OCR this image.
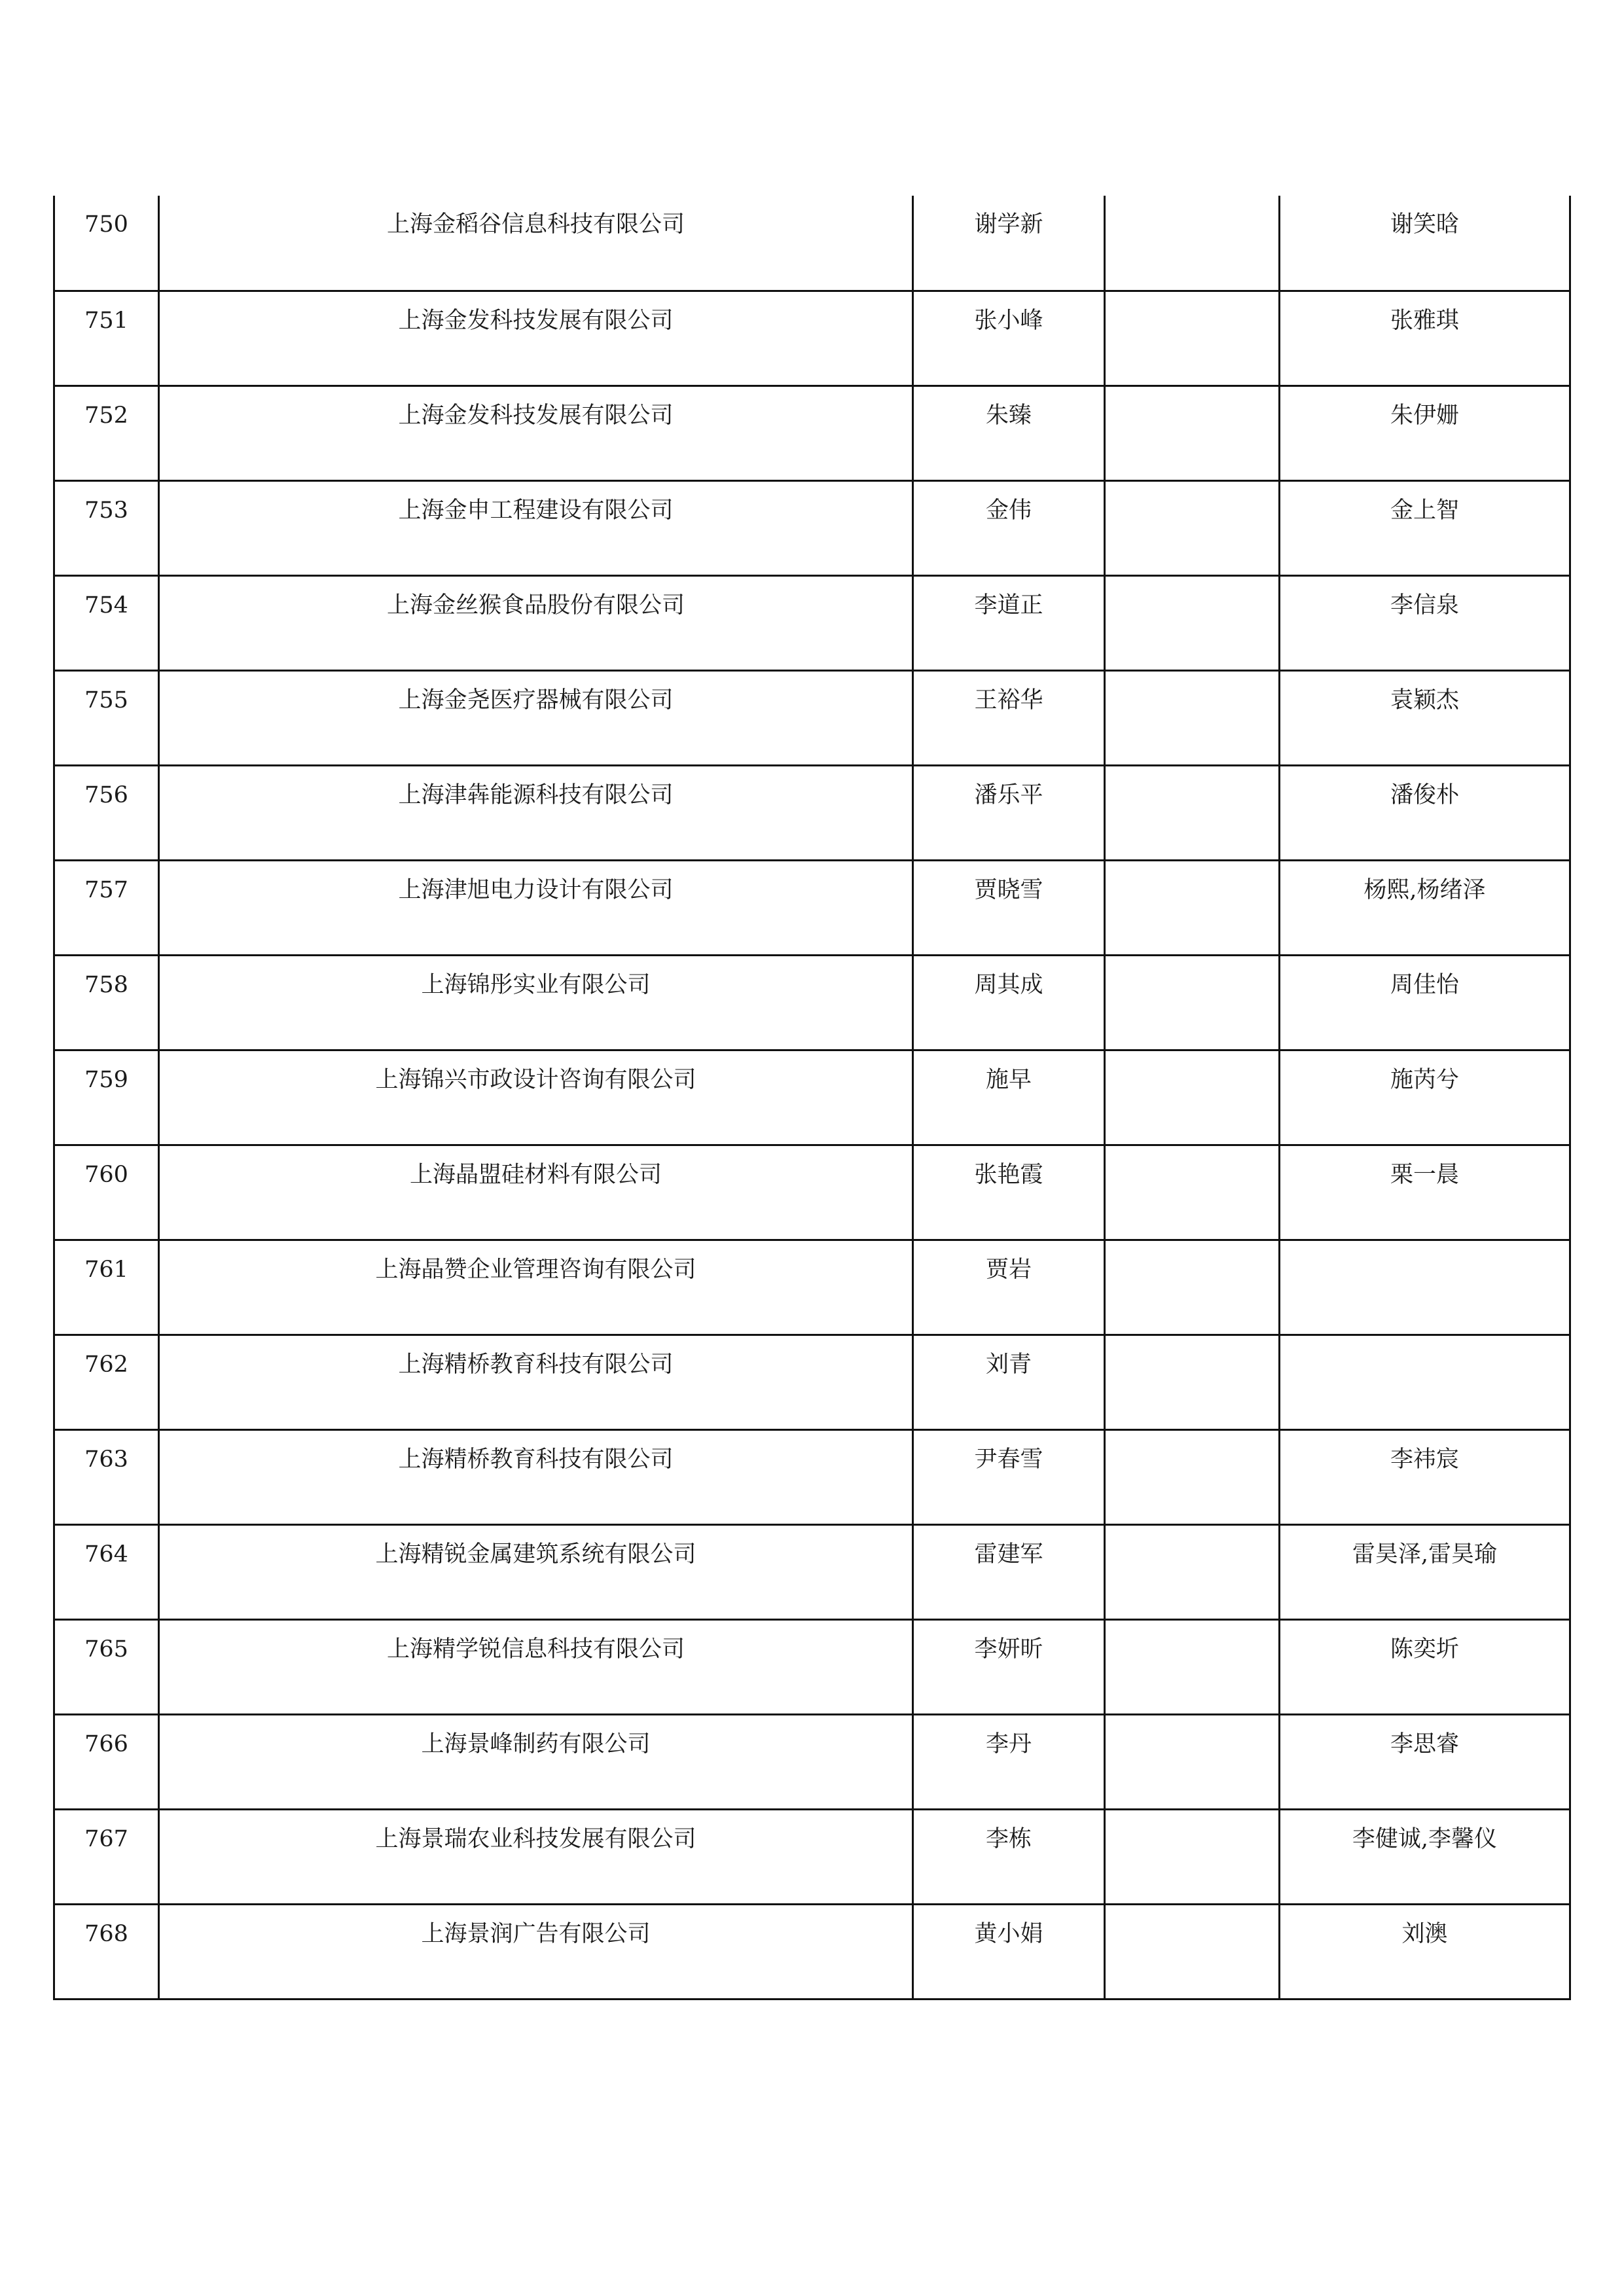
750	上海金稻谷信息科技有限公司	谢学新		谢笑晗
751	上海金发科技发展有限公司	张小峰		张雅琪
752	上海金发科技发展有限公司	朱臻		朱伊姗
753	上海金申工程建设有限公司	金伟		金上智
754	上海金丝猴食品股份有限公司	李道正		李信泉
755	上海金尧医疗器械有限公司	王裕华		袁颖杰
756	上海津犇能源科技有限公司	潘乐平		潘俊朴
757	上海津旭电力设计有限公司	贾晓雪		杨熙,杨绪泽
758	上海锦彤实业有限公司	周其成		周佳怡
759	上海锦兴市政设计咨询有限公司	施早		施芮兮
760	上海晶盟硅材料有限公司	张艳霞		栗一晨
761	上海晶赞企业管理咨询有限公司	贾岩		
762	上海精桥教育科技有限公司	刘青		
763	上海精桥教育科技有限公司	尹春雪		李祎宸
764	上海精锐金属建筑系统有限公司	雷建军		雷昊泽,雷昊瑜
765	上海精学锐信息科技有限公司	李妍昕		陈奕圻
766	上海景峰制药有限公司	李丹		李思睿
767	上海景瑞农业科技发展有限公司	李栋		李健诚,李馨仪
768	上海景润广告有限公司	黄小娟		刘澳
